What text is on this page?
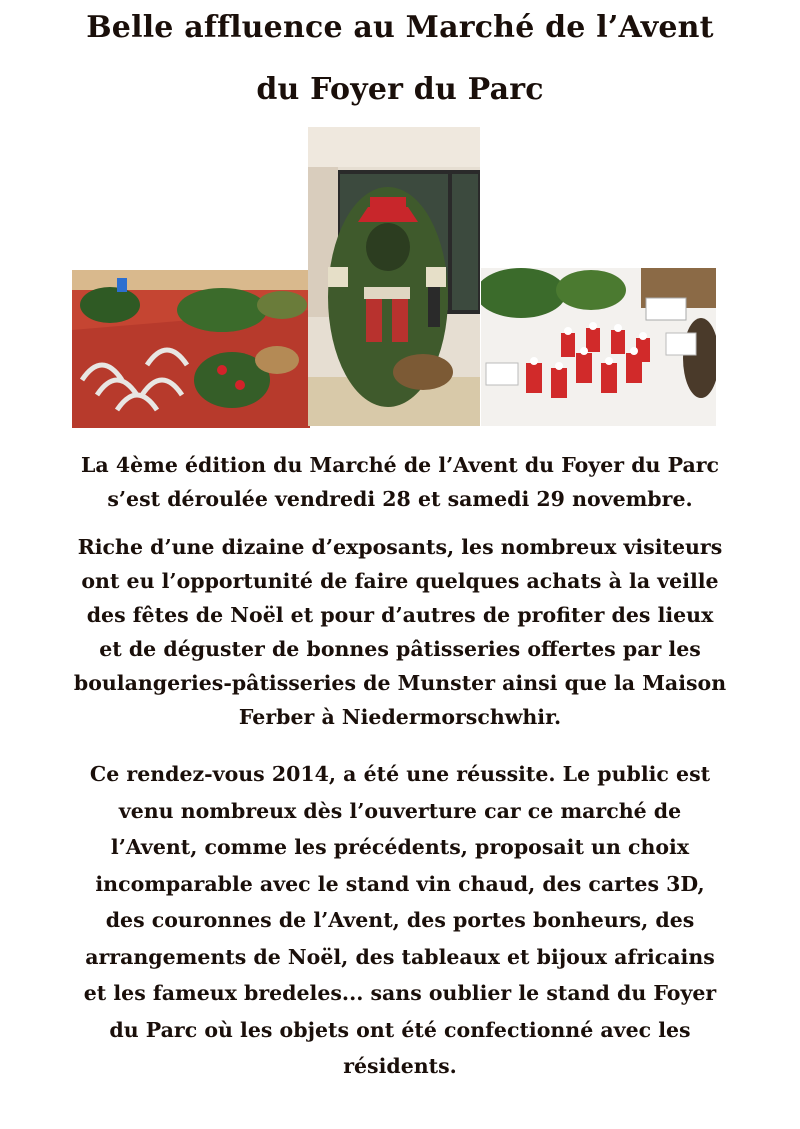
Belle affluence au Marché de l’Avent
du Foyer du Parc
La 4ème édition du Marché de l’Avent du Foyer du Parc
s’est déroulée vendredi 28 et samedi 29 novembre.
Riche d’une dizaine d’exposants, les nombreux visiteurs
ont eu l’opportunité de faire quelques achats à la veille
des fêtes de Noël et pour d’autres de profiter des lieux
et de déguster de bonnes pâtisseries offertes par les
boulangeries-pâtisseries de Munster ainsi que la Maison
Ferber à Niedermorschwhir.
Ce rendez-vous 2014, a été une réussite. Le public est
venu nombreux dès l’ouverture car ce marché de
l’Avent, comme les précédents, proposait un choix
incomparable avec le stand vin chaud, des cartes 3D,
des couronnes de l’Avent, des portes bonheurs, des
arrangements de Noël, des tableaux et bijoux africains
et les fameux bredeles... sans oublier le stand du Foyer
du Parc où les objets ont été confectionné avec les
résidents.
